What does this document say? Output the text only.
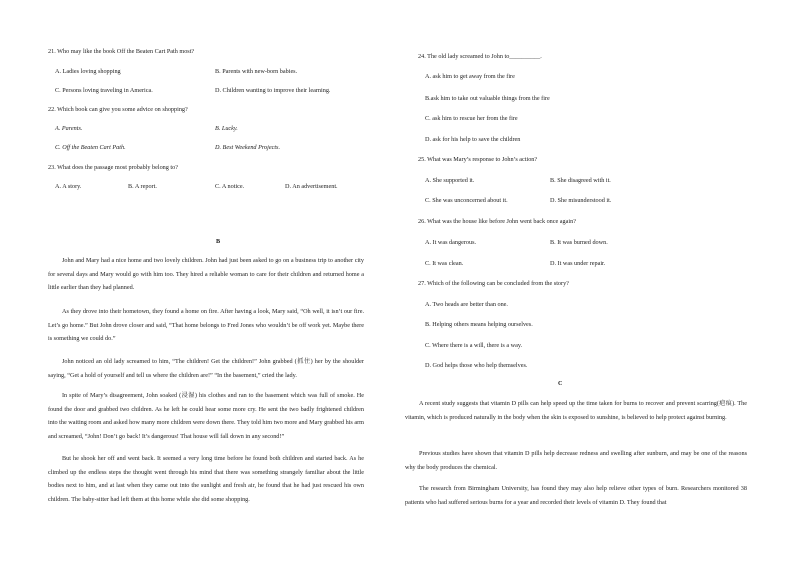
21. Who may like the book Off the Beaten Cart Path most?
A. Ladies loving shopping	B. Parents with new-born babies.
C. Persons loving traveling in America.	D. Children wanting to improve their learning.
22. Which book can give you some advice on shopping?
A. Parents.	B. Lucky.
C. Off the Beaten Cart Path.	D. Best Weekend Projects.
23. What does the passage most probably belong to?
A. A story.	B. A report.	C. A notice.	D. An advertisement.
B
John and Mary had a nice home and two lovely children. John had just been asked to go on a business trip to another city for several days and Mary would go with him too. They hired a reliable woman to care for their children and returned home a little earlier than they had planned.
As they drove into their hometown, they found a home on fire. After having a look, Mary said, “Oh well, it isn’t our fire. Let’s go home.” But John drove closer and said, “That home belongs to Fred Jones who wouldn’t be off work yet. Maybe there is something we could do.”
John noticed an old lady screamed to him, “The children! Get the children!” John grabbed (抓住) her by the shoulder saying, “Get a hold of yourself and tell us where the children are!” “In the basement,” cried the lady.
In spite of Mary’s disagreement, John soaked (浸湿) his clothes and ran to the basement which was full of smoke. He found the door and grabbed two children. As he left he could hear some more cry. He sent the two badly frightened children into the waiting room and asked how many more children were down there. They told him two more and Mary grabbed his arm and screamed, “John! Don’t go back! It’s dangerous! That house will fall down in any second!”
But he shook her off and went back. It seemed a very long time before he found both children and started back. As he climbed up the endless steps the thought went through his mind that there was something strangely familiar about the little bodies next to him, and at last when they came out into the sunlight and fresh air, he found that he had just rescued his own children. The baby-sitter had left them at this home while she did some shopping.
24. The old lady screamed to John to__________.
A. ask him to get away from the fire
B.ask him to take out valuable things from the fire
C. ask him to rescue her from the fire
D. ask for his help to save the children
25. What was Mary’s response to John’s action?
A. She supported it.	B. She disagreed with it.
C. She was unconcerned about it.	D. She misunderstood it.
26. What was the house like before John went back once again?
A. It was dangerous.	B. It was burned down.
C. It was clean.	D. It was under repair.
27. Which of the following can be concluded from the story?
A. Two heads are better than one.
B. Helping others means helping ourselves.
C. Where there is a will, there is a way.
D. God helps those who help themselves.
C
A recent study suggests that vitamin D pills can help speed up the time taken for burns to recover and prevent scarring(疤痕). The vitamin, which is produced naturally in the body when the skin is exposed to sunshine, is believed to help protect against burning.
Previous studies have shown that vitamin D pills help decrease redness and swelling after sunburn, and may be one of the reasons why the body produces the chemical.
The research from Birmingham University, has found they may also help relieve other types of burn. Researchers monitored 38 patients who had suffered serious burns for a year and recorded their levels of vitamin D. They found that
